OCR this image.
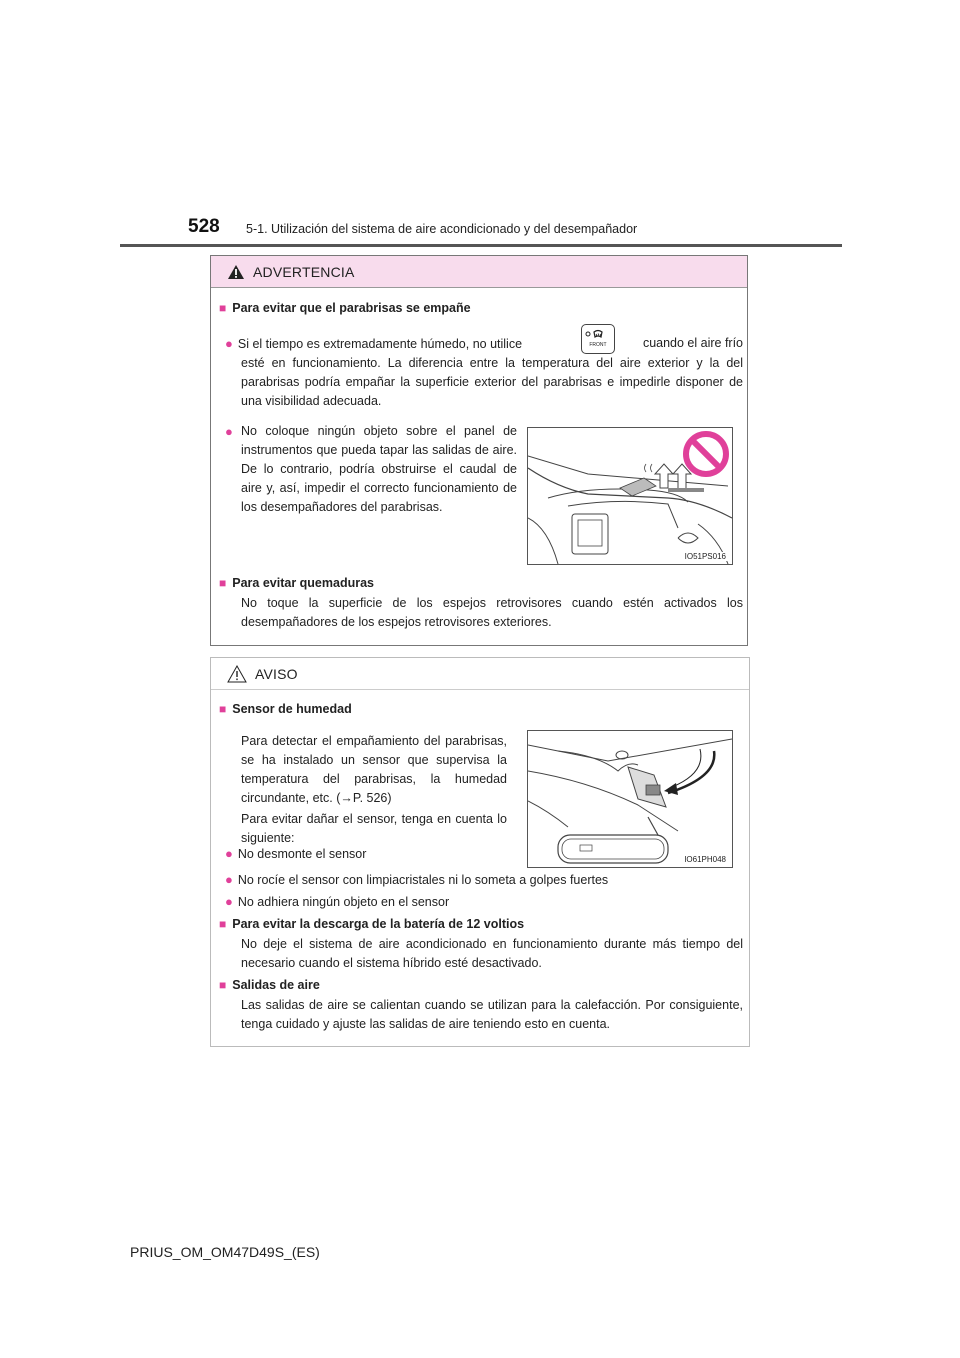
528 5-1. Utilización del sistema de aire acondicionado y del desempañador
ADVERTENCIA
■ Para evitar que el parabrisas se empañe
● Si el tiempo es extremadamente húmedo, no utilice	FRONT	cuando el aire frío
esté en funcionamiento. La diferencia entre la temperatura del aire exterior y la del parabrisas podría empañar la superficie exterior del parabrisas e impedirle disponer de una visibilidad adecuada.
● No coloque ningún objeto sobre el panel de instrumentos que pueda tapar las salidas de aire. De lo contrario, podría obstruirse el caudal de aire y, así, impedir el correcto funcionamiento de los desempañadores del parabrisas.
IO51PS016
■ Para evitar quemaduras
No toque la superficie de los espejos retrovisores cuando estén activados los desempañadores de los espejos retrovisores exteriores.
AVISO
■ Sensor de humedad
Para detectar el empañamiento del parabrisas, se ha instalado un sensor que supervisa la temperatura del parabrisas, la humedad circundante, etc. (→P. 526)
Para evitar dañar el sensor, tenga en cuenta lo siguiente:
● No desmonte el sensor	IO61PH048
● No rocíe el sensor con limpiacristales ni lo someta a golpes fuertes
● No adhiera ningún objeto en el sensor
■ Para evitar la descarga de la batería de 12 voltios
No deje el sistema de aire acondicionado en funcionamiento durante más tiempo del necesario cuando el sistema híbrido esté desactivado.
■ Salidas de aire
Las salidas de aire se calientan cuando se utilizan para la calefacción. Por consiguiente, tenga cuidado y ajuste las salidas de aire teniendo esto en cuenta.
PRIUS_OM_OM47D49S_(ES)
